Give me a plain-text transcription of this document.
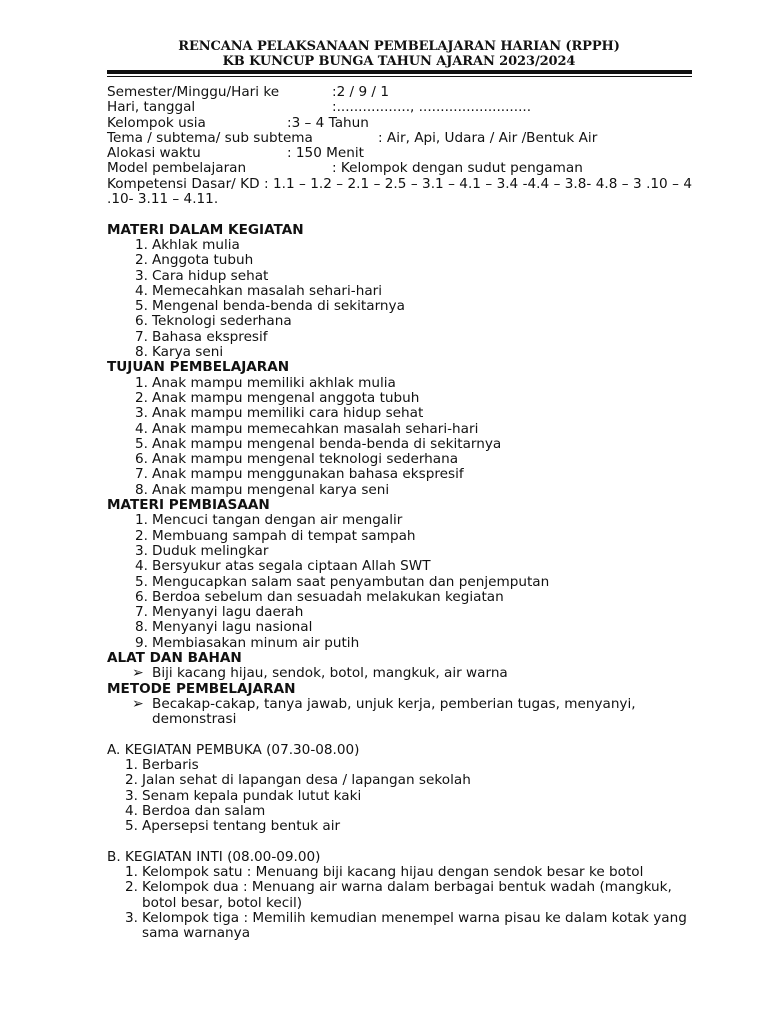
RENCANA PELAKSANAAN PEMBELAJARAN HARIAN (RPPH)
KB KUNCUP BUNGA TAHUN AJARAN 2023/2024
Semester/Minggu/Hari ke	:2 / 9 / 1
Hari, tanggal	:................., ..........................
Kelompok usia	:3 – 4 Tahun
Tema / subtema/ sub subtema	: Air, Api, Udara / Air /Bentuk Air
Alokasi waktu	: 150 Menit
Model pembelajaran	: Kelompok dengan sudut pengaman
Kompetensi Dasar/ KD : 1.1 – 1.2 – 2.1 – 2.5 – 3.1 – 4.1 – 3.4 -4.4 – 3.8- 4.8 – 3 .10 – 4 .10- 3.11 – 4.11.
MATERI DALAM KEGIATAN
1. Akhlak mulia
2. Anggota tubuh
3. Cara hidup sehat
4. Memecahkan masalah sehari-hari
5. Mengenal benda-benda di sekitarnya
6. Teknologi sederhana
7. Bahasa ekspresif
8. Karya seni
TUJUAN PEMBELAJARAN
1. Anak mampu memiliki akhlak mulia
2. Anak mampu mengenal anggota tubuh
3. Anak mampu memiliki cara hidup sehat
4. Anak mampu memecahkan masalah sehari-hari
5. Anak mampu mengenal benda-benda di sekitarnya
6. Anak mampu mengenal teknologi sederhana
7. Anak mampu menggunakan bahasa ekspresif
8. Anak mampu mengenal karya seni
MATERI PEMBIASAAN
1. Mencuci tangan dengan air mengalir
2. Membuang sampah di tempat sampah
3. Duduk melingkar
4. Bersyukur atas segala ciptaan Allah SWT
5. Mengucapkan salam saat penyambutan dan penjemputan
6. Berdoa sebelum dan sesuadah melakukan kegiatan
7. Menyanyi lagu daerah
8. Menyanyi lagu nasional
9. Membiasakan minum air putih
ALAT DAN BAHAN
➢ Biji kacang hijau, sendok, botol, mangkuk, air warna
METODE PEMBELAJARAN
➢ Becakap-cakap, tanya jawab, unjuk kerja, pemberian tugas, menyanyi, demonstrasi
A. KEGIATAN PEMBUKA (07.30-08.00)
1. Berbaris
2. Jalan sehat di lapangan desa / lapangan sekolah
3. Senam kepala pundak lutut kaki
4. Berdoa dan salam
5. Apersepsi tentang bentuk air
B. KEGIATAN INTI (08.00-09.00)
1. Kelompok satu : Menuang biji kacang hijau dengan sendok besar ke botol
2. Kelompok dua : Menuang air warna dalam berbagai bentuk wadah (mangkuk, botol besar, botol kecil)
3. Kelompok tiga : Memilih kemudian menempel warna pisau ke dalam kotak yang sama warnanya
